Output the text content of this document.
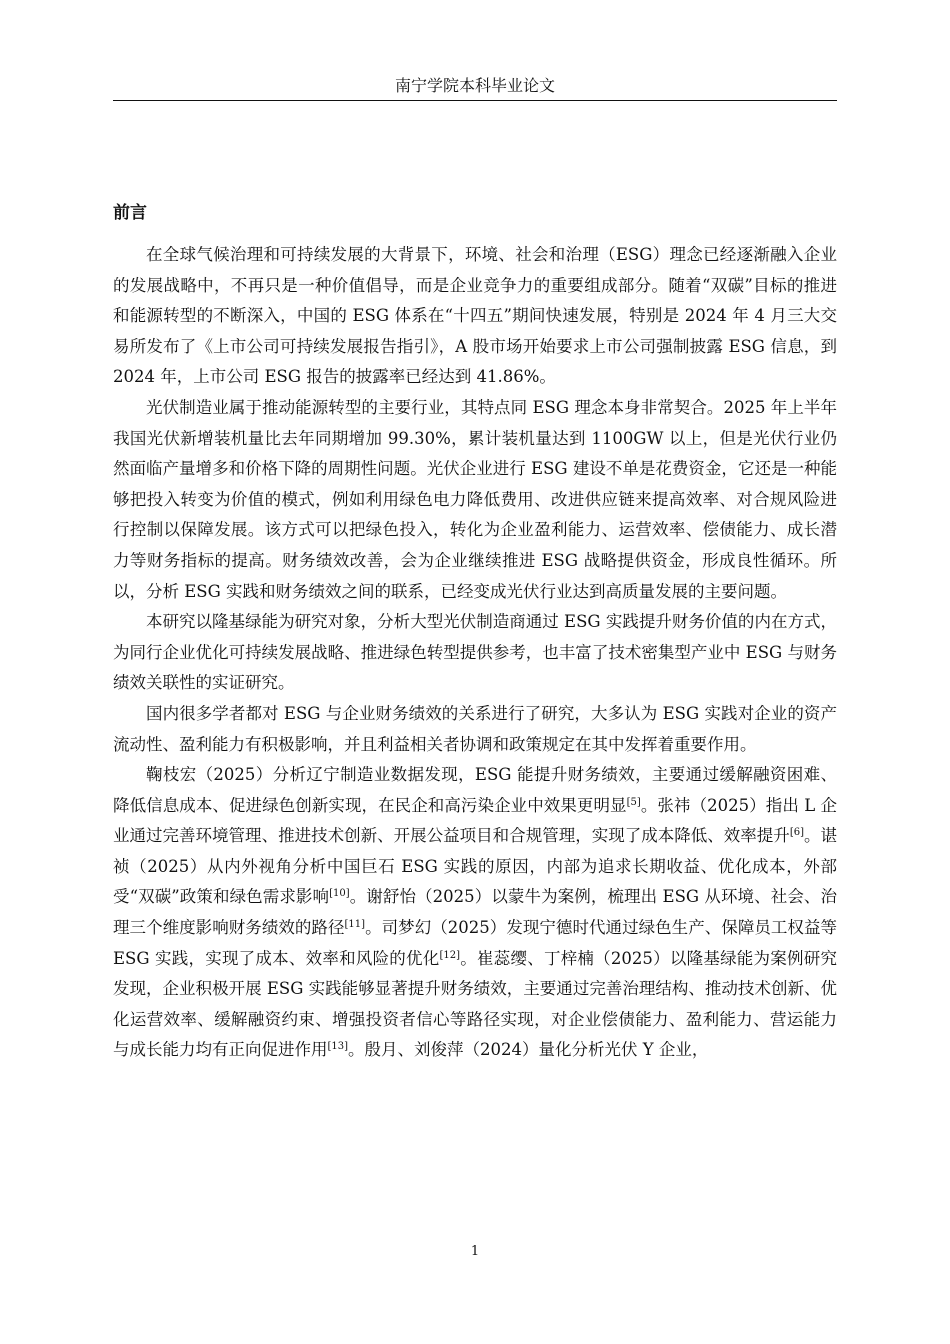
南宁学院本科毕业论文
前言

在全球气候治理和可持续发展的大背景下，环境、社会和治理（ESG）理念已经逐渐融入企业的发展战略中，不再只是一种价值倡导，而是企业竞争力的重要组成部分。随着“双碳”目标的推进和能源转型的不断深入，中国的 ESG 体系在“十四五”期间快速发展，特别是 2024 年 4 月三大交易所发布了《上市公司可持续发展报告指引》，A 股市场开始要求上市公司强制披露 ESG 信息，到 2024 年，上市公司 ESG 报告的披露率已经达到 41.86%。

光伏制造业属于推动能源转型的主要行业，其特点同 ESG 理念本身非常契合。2025 年上半年我国光伏新增装机量比去年同期增加 99.30%，累计装机量达到 1100GW 以上，但是光伏行业仍然面临产量增多和价格下降的周期性问题。光伏企业进行 ESG 建设不单是花费资金，它还是一种能够把投入转变为价值的模式，例如利用绿色电力降低费用、改进供应链来提高效率、对合规风险进行控制以保障发展。该方式可以把绿色投入，转化为企业盈利能力、运营效率、偿债能力、成长潜力等财务指标的提高。财务绩效改善，会为企业继续推进 ESG 战略提供资金，形成良性循环。所以，分析 ESG 实践和财务绩效之间的联系，已经变成光伏行业达到高质量发展的主要问题。

本研究以隆基绿能为研究对象，分析大型光伏制造商通过 ESG 实践提升财务价值的内在方式，为同行企业优化可持续发展战略、推进绿色转型提供参考，也丰富了技术密集型产业中 ESG 与财务绩效关联性的实证研究。

国内很多学者都对 ESG 与企业财务绩效的关系进行了研究，大多认为 ESG 实践对企业的资产流动性、盈利能力有积极影响，并且利益相关者协调和政策规定在其中发挥着重要作用。

鞠枝宏（2025）分析辽宁制造业数据发现，ESG 能提升财务绩效，主要通过缓解融资困难、降低信息成本、促进绿色创新实现，在民企和高污染企业中效果更明显[5]。张祎（2025）指出 L 企业通过完善环境管理、推进技术创新、开展公益项目和合规管理，实现了成本降低、效率提升[6]。谌祯（2025）从内外视角分析中国巨石 ESG 实践的原因，内部为追求长期收益、优化成本，外部受“双碳”政策和绿色需求影响[10]。谢舒怡（2025）以蒙牛为案例，梳理出 ESG 从环境、社会、治理三个维度影响财务绩效的路径[11]。司梦幻（2025）发现宁德时代通过绿色生产、保障员工权益等 ESG 实践，实现了成本、效率和风险的优化[12]。崔蕊缨、丁梓楠（2025）以隆基绿能为案例研究发现，企业积极开展 ESG 实践能够显著提升财务绩效，主要通过完善治理结构、推动技术创新、优化运营效率、缓解融资约束、增强投资者信心等路径实现，对企业偿债能力、盈利能力、营运能力与成长能力均有正向促进作用[13]。殷月、刘俊萍（2024）量化分析光伏 Y 企业，

1
